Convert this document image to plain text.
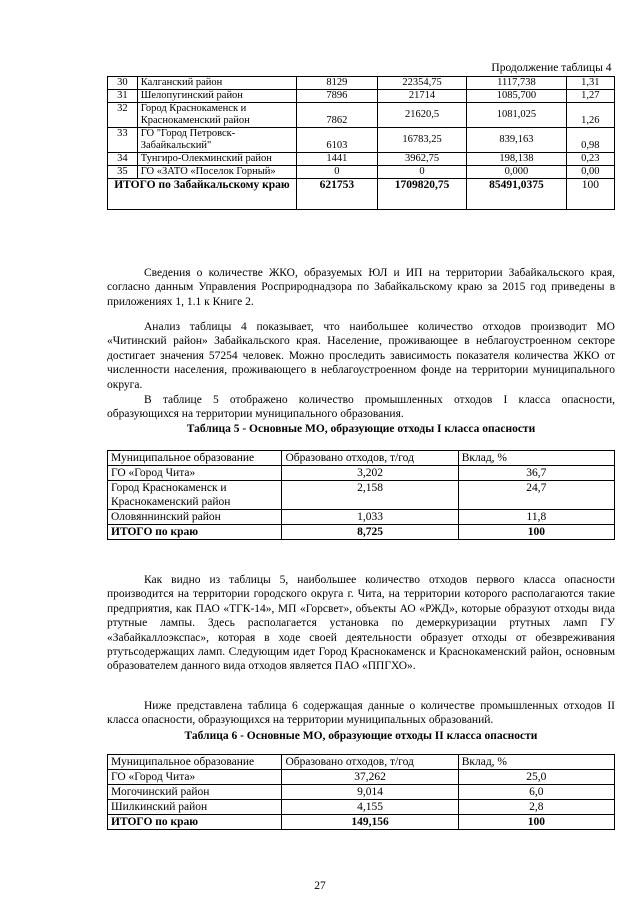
Продолжение таблицы 4					
30	Калганский район	8129	22354,75	1117,738	1,31
31	Шелопугинский район	7896	21714	1085,700	1,27
32	Город Краснокаменск и Краснокаменский район	7862	21620,5	1081,025	1,26
33	ГО "Город Петровск-Забайкальский"	6103	16783,25	839,163	0,98
34	Тунгиро-Олекминский район	1441	3962,75	198,138	0,23
35	ГО «ЗАТО «Поселок Горный»	0	0	0,000	0,00
ИТОГО по Забайкальскому краю		621753	1709820,75	85491,0375	100

Сведения о количестве ЖКО, образуемых ЮЛ и ИП на территории Забайкальского края, согласно данным Управления Росприроднадзора по Забайкальскому краю за 2015 год приведены в приложениях 1, 1.1 к Книге 2.

Анализ таблицы 4 показывает, что наибольшее количество отходов производит МО «Читинский район» Забайкальского края. Население, проживающее в неблагоустроенном секторе достигает значения 57254 человек. Можно проследить зависимость показателя количества ЖКО от численности населения, проживающего в неблагоустроенном фонде на территории муниципального округа.

В таблице 5 отображено количество промышленных отходов I класса опасности, образующихся на территории муниципального образования.

Таблица 5 - Основные МО, образующие отходы I класса опасности

Муниципальное образование	Образовано отходов, т/год	Вклад, %
ГО «Город Чита»	3,202	36,7
Город Краснокаменск и Краснокаменский район	2,158	24,7
Оловяннинский район	1,033	11,8
ИТОГО по краю	8,725	100

Как видно из таблицы 5, наибольшее количество отходов первого класса опасности производится на территории городского округа г. Чита, на территории которого располагаются такие предприятия, как ПАО «ТГК-14», МП «Горсвет», объекты АО «РЖД», которые образуют отходы вида ртутные лампы. Здесь располагается установка по демеркуризации ртутных ламп ГУ «Забайкаллоэкспас», которая в ходе своей деятельности образует отходы от обезвреживания ртутьсодержащих ламп. Следующим идет Город Краснокаменск и Краснокаменский район, основным образователем данного вида отходов является ПАО «ППГХО».

Ниже представлена таблица 6 содержащая данные о количестве промышленных отходов II класса опасности, образующихся на территории муниципальных образований.

Таблица 6 - Основные МО, образующие отходы II класса опасности

Муниципальное образование	Образовано отходов, т/год	Вклад, %
ГО «Город Чита»	37,262	25,0
Могочинский район	9,014	6,0
Шилкинский район	4,155	2,8
ИТОГО по краю	149,156	100
27
